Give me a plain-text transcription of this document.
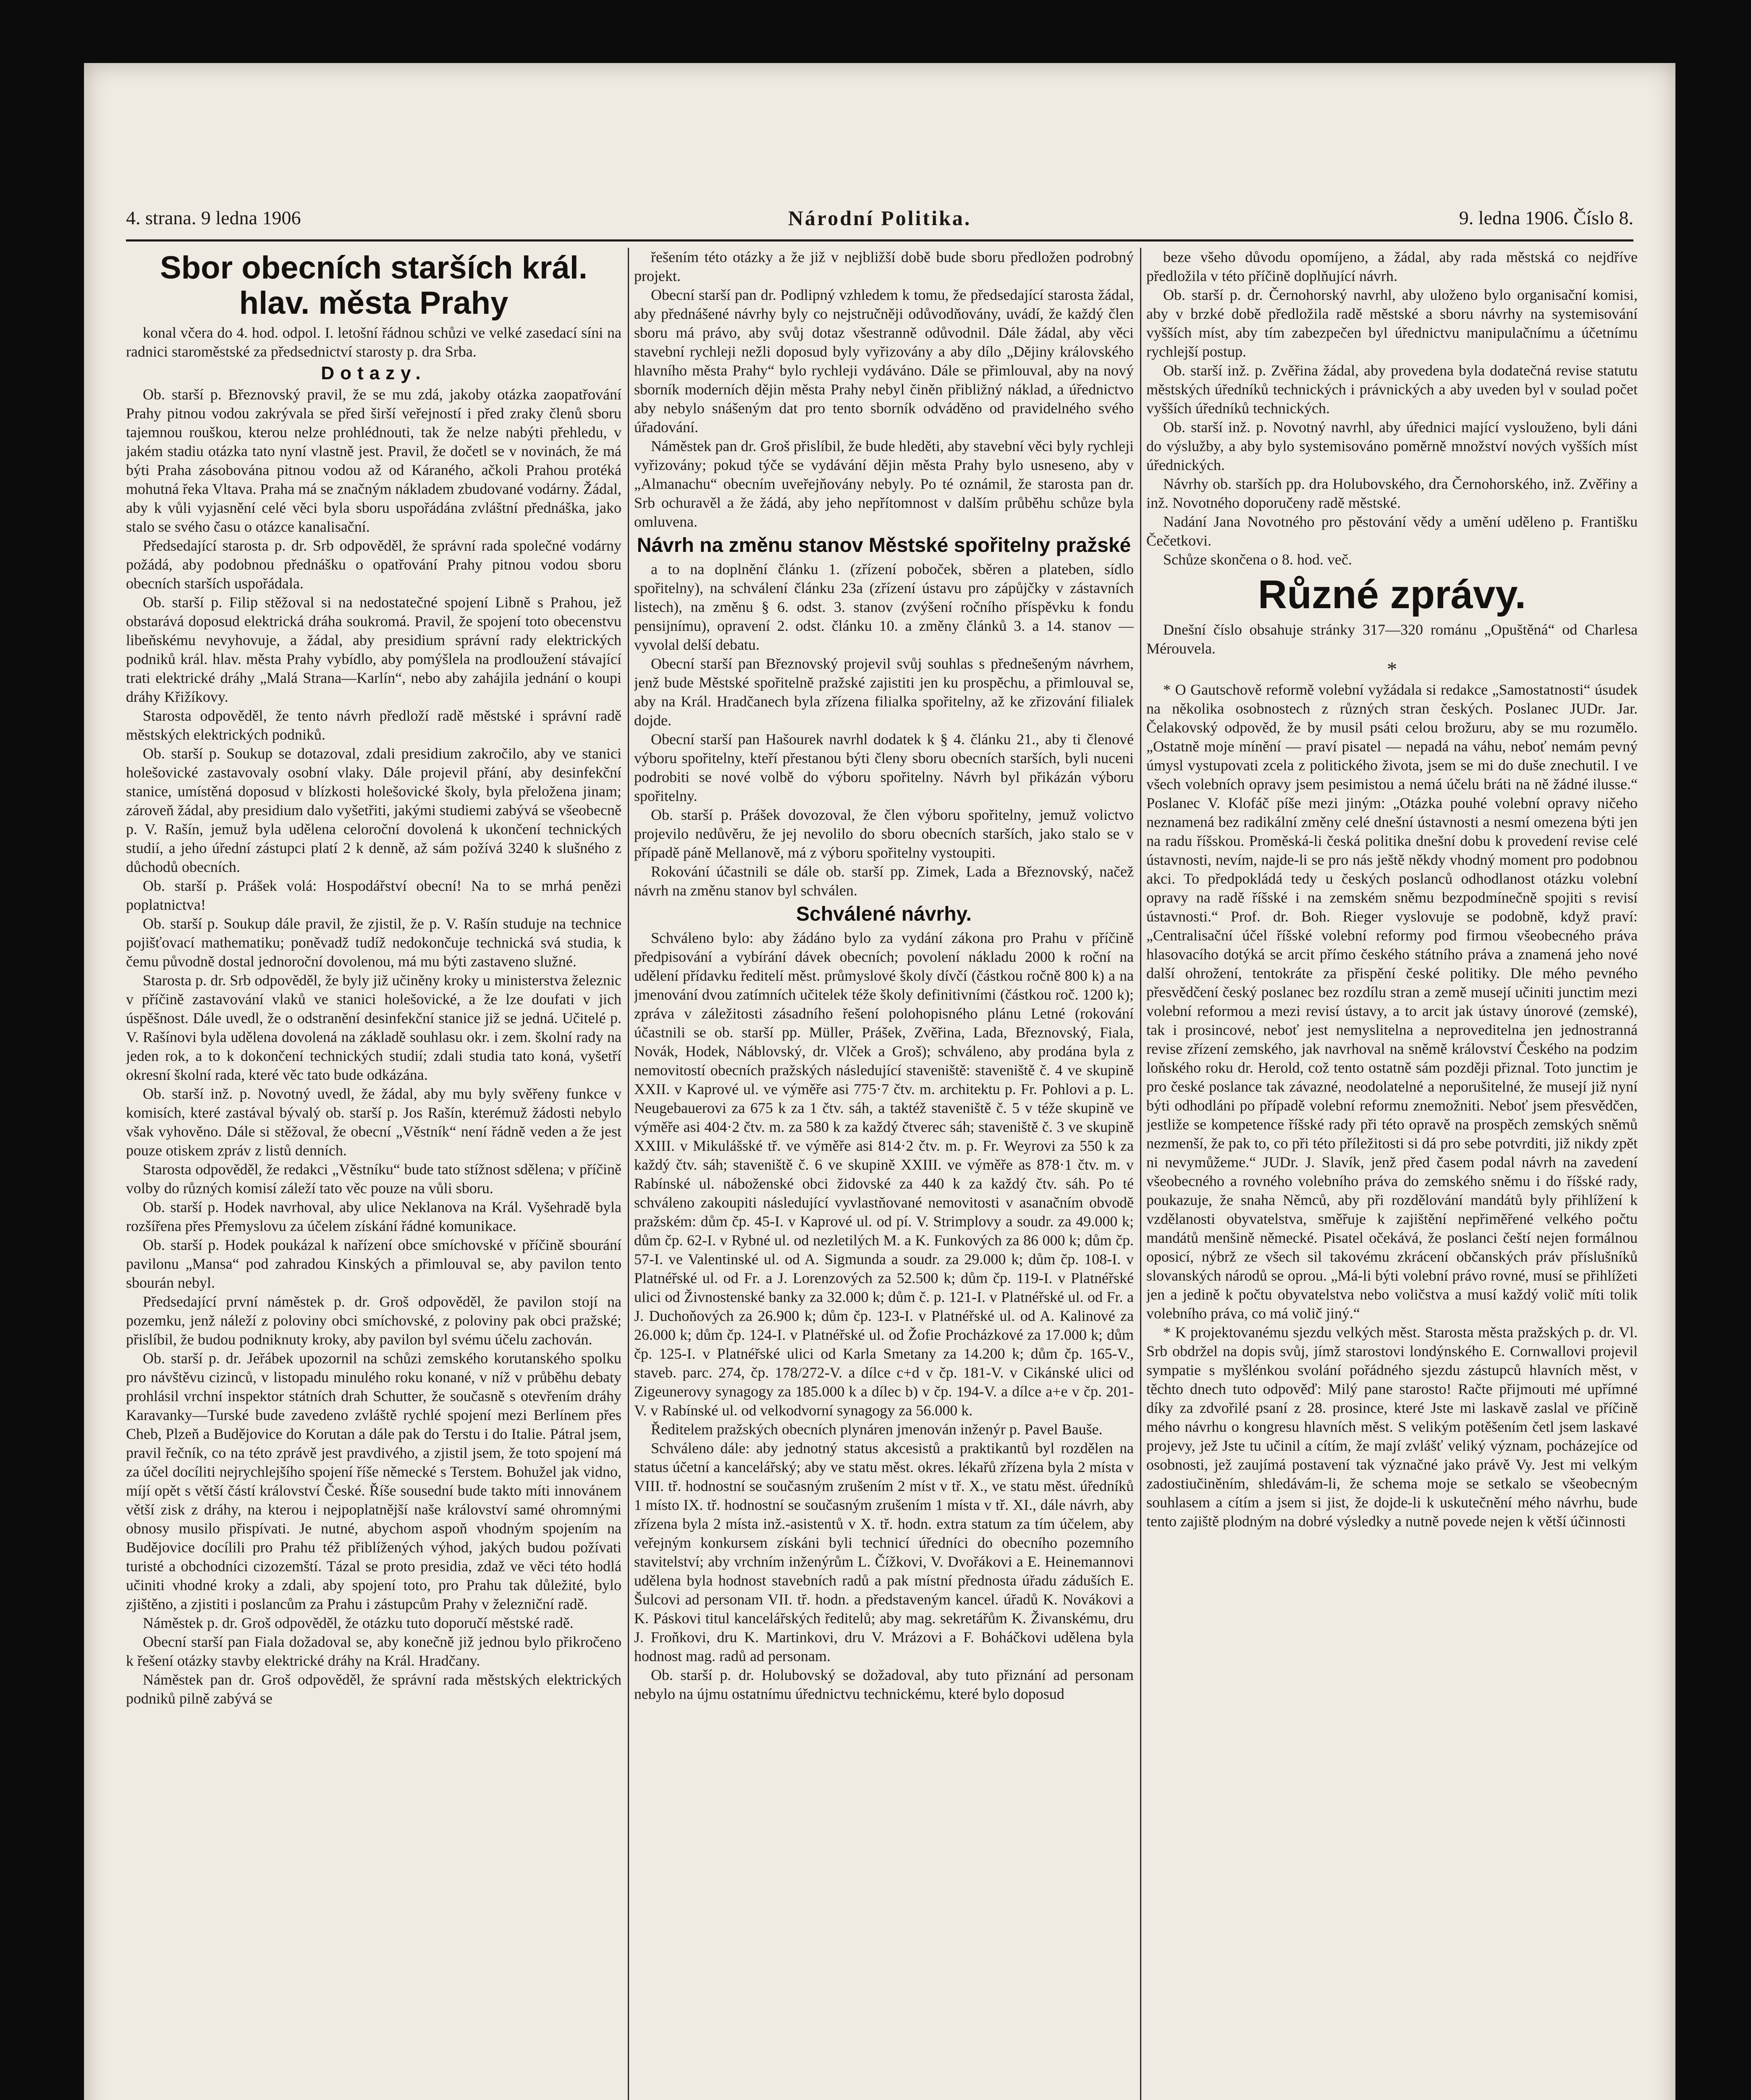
4. strana. 9 ledna 1906	Národní Politika.	9. ledna 1906. Číslo 8.
Sbor obecních starších král. hlav. města Prahy

konal včera do 4. hod. odpol. I. letošní řádnou schůzi ve velké zasedací síni na radnici staroměstské za předsednictví starosty p. dra Srba.

Dotazy.

Ob. starší p. Březnovský pravil, že se mu zdá, jakoby otázka zaopatřování Prahy pitnou vodou zakrývala se před širší veřejností i před zraky členů sboru tajemnou rouškou, kterou nelze prohlédnouti, tak že nelze nabýti přehledu, v jakém stadiu otázka tato nyní vlastně jest. Pravil, že dočetl se v novinách, že má býti Praha zásobována pitnou vodou až od Káraného, ačkoli Prahou protéká mohutná řeka Vltava. Praha má se značným nákladem zbudované vodárny. Žádal, aby k vůli vyjasnění celé věci byla sboru uspořádána zvláštní přednáška, jako stalo se svého času o otázce kanalisační.

Předsedající starosta p. dr. Srb odpověděl, že správní rada společné vodárny požádá, aby podobnou přednášku o opatřování Prahy pitnou vodou sboru obecních starších uspořádala.

Ob. starší p. Filip stěžoval si na nedostatečné spojení Libně s Prahou, jež obstarává doposud elektrická dráha soukromá. Pravil, že spojení toto obecenstvu libeňskému nevyhovuje, a žádal, aby presidium správní rady elektrických podniků král. hlav. města Prahy vybídlo, aby pomýšlela na prodloužení stávající trati elektrické dráhy „Malá Strana—Karlín“, nebo aby zahájila jednání o koupi dráhy Křižíkovy.

Starosta odpověděl, že tento návrh předloží radě městské i správní radě městských elektrických podniků.

Ob. starší p. Soukup se dotazoval, zdali presidium zakročilo, aby ve stanici holešovické zastavovaly osobní vlaky. Dále projevil přání, aby desinfekční stanice, umístěná doposud v blízkosti holešovické školy, byla přeložena jinam; zároveň žádal, aby presidium dalo vyšetřiti, jakými studiemi zabývá se všeobecně p. V. Rašín, jemuž byla udělena celoroční dovolená k ukončení technických studií, a jeho úřední zástupci platí 2 k denně, až sám požívá 3240 k slušného z důchodů obecních.

Ob. starší p. Prášek volá: Hospodářství obecní! Na to se mrhá penězi poplatnictva!

Ob. starší p. Soukup dále pravil, že zjistil, že p. V. Rašín studuje na technice pojišťovací mathematiku; poněvadž tudíž nedokončuje technická svá studia, k čemu původně dostal jednoroční dovolenou, má mu býti zastaveno služné.

Starosta p. dr. Srb odpověděl, že byly již učiněny kroky u ministerstva železnic v příčině zastavování vlaků ve stanici holešovické, a že lze doufati v jich úspěšnost. Dále uvedl, že o odstranění desinfekční stanice již se jedná. Učitelé p. V. Rašínovi byla udělena dovolená na základě souhlasu okr. i zem. školní rady na jeden rok, a to k dokončení technických studií; zdali studia tato koná, vyšetří okresní školní rada, které věc tato bude odkázána.

Ob. starší inž. p. Novotný uvedl, že žádal, aby mu byly svěřeny funkce v komisích, které zastával bývalý ob. starší p. Jos Rašín, kterémuž žádosti nebylo však vyhověno. Dále si stěžoval, že obecní „Věstník“ není řádně veden a že jest pouze otiskem zpráv z listů denních.

Starosta odpověděl, že redakci „Věstníku“ bude tato stížnost sdělena; v příčině volby do různých komisí záleží tato věc pouze na vůli sboru.

Ob. starší p. Hodek navrhoval, aby ulice Neklanova na Král. Vyšehradě byla rozšířena přes Přemyslovu za účelem získání řádné komunikace.

Ob. starší p. Hodek poukázal k nařízení obce smíchovské v příčině sbourání pavilonu „Mansa“ pod zahradou Kinských a přimlouval se, aby pavilon tento sbourán nebyl.

Předsedající první náměstek p. dr. Groš odpověděl, že pavilon stojí na pozemku, jenž náleží z poloviny obci smíchovské, z poloviny pak obci pražské; přislíbil, že budou podniknuty kroky, aby pavilon byl svému účelu zachován.

Ob. starší p. dr. Jeřábek upozornil na schůzi zemského korutanského spolku pro návštěvu cizinců, v listopadu minulého roku konané, v níž v průběhu debaty prohlásil vrchní inspektor státních drah Schutter, že současně s otevřením dráhy Karavanky—Turské bude zavedeno zvláště rychlé spojení mezi Berlínem přes Cheb, Plzeň a Budějovice do Korutan a dále pak do Terstu i do Italie. Pátral jsem, pravil řečník, co na této zprávě jest pravdivého, a zjistil jsem, že toto spojení má za účel docíliti nejrychlejšího spojení říše německé s Terstem. Bohužel jak vidno, míjí opět s větší částí království České. Říše sousední bude takto míti innovánem větší zisk z dráhy, na kterou i nejpoplatnější naše království samé ohromnými obnosy musilo přispívati. Je nutné, abychom aspoň vhodným spojením na Budějovice docílili pro Prahu též přiblížených výhod, jakých budou požívati turisté a obchodníci cizozemští. Tázal se proto presidia, zdaž ve věci této hodlá učiniti vhodné kroky a zdali, aby spojení toto, pro Prahu tak důležité, bylo zjištěno, a zjistiti i poslancům za Prahu i zástupcům Prahy v železniční radě.

Náměstek p. dr. Groš odpověděl, že otázku tuto doporučí městské radě.

Obecní starší pan Fiala dožadoval se, aby konečně již jednou bylo přikročeno k řešení otázky stavby elektrické dráhy na Král. Hradčany.

Náměstek pan dr. Groš odpověděl, že správní rada městských elektrických podniků pilně zabývá se

řešením této otázky a že již v nejbližší době bude sboru předložen podrobný projekt.

Obecní starší pan dr. Podlipný vzhledem k tomu, že předsedající starosta žádal, aby přednášené návrhy byly co nejstručněji odůvodňovány, uvádí, že každý člen sboru má právo, aby svůj dotaz všestranně odůvodnil. Dále žádal, aby věci stavební rychleji nežli doposud byly vyřizovány a aby dílo „Dějiny královského hlavního města Prahy“ bylo rychleji vydáváno. Dále se přimlouval, aby na nový sborník moderních dějin města Prahy nebyl činěn přibližný náklad, a úřednictvo aby nebylo snášeným dat pro tento sborník odváděno od pravidelného svého úřadování.

Náměstek pan dr. Groš přislíbil, že bude hleděti, aby stavební věci byly rychleji vyřizovány; pokud týče se vydávání dějin města Prahy bylo usneseno, aby v „Almanachu“ obecním uveřejňovány nebyly. Po té oznámil, že starosta pan dr. Srb ochuravěl a že žádá, aby jeho nepřítomnost v dalším průběhu schůze byla omluvena.

Návrh na změnu stanov Městské spořitelny pražské

a to na doplnění článku 1. (zřízení poboček, sběren a plateben, sídlo spořitelny), na schválení článku 23a (zřízení ústavu pro zápůjčky v zástavních listech), na změnu § 6. odst. 3. stanov (zvýšení ročního příspěvku k fondu pensijnímu), opravení 2. odst. článku 10. a změny článků 3. a 14. stanov — vyvolal delší debatu.

Obecní starší pan Březnovský projevil svůj souhlas s přednešeným návrhem, jenž bude Městské spořitelně pražské zajistiti jen ku prospěchu, a přimlouval se, aby na Král. Hradčanech byla zřízena filialka spořitelny, až ke zřizování filialek dojde.

Obecní starší pan Hašourek navrhl dodatek k § 4. článku 21., aby ti členové výboru spořitelny, kteří přestanou býti členy sboru obecních starších, byli nuceni podrobiti se nové volbě do výboru spořitelny. Návrh byl přikázán výboru spořitelny.

Ob. starší p. Prášek dovozoval, že člen výboru spořitelny, jemuž volictvo projevilo nedůvěru, že jej nevolilo do sboru obecních starších, jako stalo se v případě páně Mellanově, má z výboru spořitelny vystoupiti.

Rokování účastnili se dále ob. starší pp. Zimek, Lada a Březnovský, načež návrh na změnu stanov byl schválen.

Schválené návrhy.

Schváleno bylo: aby žádáno bylo za vydání zákona pro Prahu v příčině předpisování a vybírání dávek obecních; povolení nákladu 2000 k roční na udělení přídavku ředitelí měst. průmyslové školy dívčí (částkou ročně 800 k) a na jmenování dvou zatímních učitelek téže školy definitivními (částkou roč. 1200 k); zpráva v záležitosti zásadního řešení polohopisného plánu Letné (rokování účastnili se ob. starší pp. Müller, Prášek, Zvěřina, Lada, Březnovský, Fiala, Novák, Hodek, Náblovský, dr. Vlček a Groš); schváleno, aby prodána byla z nemovitostí obecních pražských následující staveniště: staveniště č. 4 ve skupině XXII. v Kaprové ul. ve výměře asi 775·7 čtv. m. architektu p. Fr. Pohlovi a p. L. Neugebauerovi za 675 k za 1 čtv. sáh, a taktéž staveniště č. 5 v téže skupině ve výměře asi 404·2 čtv. m. za 580 k za každý čtverec sáh; staveniště č. 3 ve skupině XXIII. v Mikulášské tř. ve výměře asi 814·2 čtv. m. p. Fr. Weyrovi za 550 k za každý čtv. sáh; staveniště č. 6 ve skupině XXIII. ve výměře as 878·1 čtv. m. v Rabínské ul. náboženské obci židovské za 440 k za každý čtv. sáh. Po té schváleno zakoupiti následující vyvlastňované nemovitosti v asanačním obvodě pražském: dům čp. 45-I. v Kaprové ul. od pí. V. Strimplovy a soudr. za 49.000 k; dům čp. 62-I. v Rybné ul. od nezletilých M. a K. Funkových za 86 000 k; dům čp. 57-I. ve Valentinské ul. od A. Sigmunda a soudr. za 29.000 k; dům čp. 108-I. v Platnéřské ul. od Fr. a J. Lorenzových za 52.500 k; dům čp. 119-I. v Platnéřské ulici od Živnostenské banky za 32.000 k; dům č. p. 121-I. v Platnéřské ul. od Fr. a J. Duchoňových za 26.900 k; dům čp. 123-I. v Platnéřské ul. od A. Kalinové za 26.000 k; dům čp. 124-I. v Platnéřské ul. od Žofie Procházkové za 17.000 k; dům čp. 125-I. v Platnéřské ulici od Karla Smetany za 14.200 k; dům čp. 165-V., staveb. parc. 274, čp. 178/272-V. a dílce c+d v čp. 181-V. v Cikánské ulici od Zigeunerovy synagogy za 185.000 k a dílec b) v čp. 194-V. a dílce a+e v čp. 201-V. v Rabínské ul. od velkodvorní synagogy za 56.000 k.

Ředitelem pražských obecních plynáren jmenován inženýr p. Pavel Bauše.

Schváleno dále: aby jednotný status akcesistů a praktikantů byl rozdělen na status účetní a kancelářský; aby ve statu měst. okres. lékařů zřízena byla 2 místa v VIII. tř. hodnostní se současným zrušením 2 míst v tř. X., ve statu měst. úředníků 1 místo IX. tř. hodnostní se současným zrušením 1 místa v tř. XI., dále návrh, aby zřízena byla 2 místa inž.-asistentů v X. tř. hodn. extra statum za tím účelem, aby veřejným konkursem získáni byli technicí úředníci do obecního pozemního stavitelství; aby vrchním inženýrům L. Čížkovi, V. Dvořákovi a E. Heinemannovi udělena byla hodnost stavebních radů a pak místní přednosta úřadu záduších E. Šulcovi ad personam VII. tř. hodn. a představeným kancel. úřadů K. Novákovi a K. Páskovi titul kancelářských ředitelů; aby mag. sekretářům K. Živanskému, dru J. Froňkovi, dru K. Martinkovi, dru V. Mrázovi a F. Boháčkovi udělena byla hodnost mag. radů ad personam.

Ob. starší p. dr. Holubovský se dožadoval, aby tuto přiznání ad personam nebylo na újmu ostatnímu úřednictvu technickému, které bylo doposud

beze všeho důvodu opomíjeno, a žádal, aby rada městská co nejdříve předložila v této příčině doplňující návrh.

Ob. starší p. dr. Černohorský navrhl, aby uloženo bylo organisační komisi, aby v brzké době předložila radě městské a sboru návrhy na systemisování vyšších míst, aby tím zabezpečen byl úřednictvu manipulačnímu a účetnímu rychlejší postup.

Ob. starší inž. p. Zvěřina žádal, aby provedena byla dodatečná revise statutu městských úředníků technických i právnických a aby uveden byl v soulad počet vyšších úředníků technických.

Ob. starší inž. p. Novotný navrhl, aby úřednici mající vyslouženo, byli dáni do výslužby, a aby bylo systemisováno poměrně množství nových vyšších míst úřednických.

Návrhy ob. starších pp. dra Holubovského, dra Černohorského, inž. Zvěřiny a inž. Novotného doporučeny radě městské.

Nadání Jana Novotného pro pěstování vědy a umění uděleno p. Františku Čečetkovi.

Schůze skončena o 8. hod. več.

Různé zprávy.

Dnešní číslo obsahuje stránky 317—320 románu „Opuštěná“ od Charlesa Mérouvela.

*

* O Gautschově reformě volební vyžádala si redakce „Samostatnosti“ úsudek na několika osobnostech z různých stran českých. Poslanec JUDr. Jar. Čelakovský odpověd, že by musil psáti celou brožuru, aby se mu rozumělo. „Ostatně moje mínění — praví pisatel — nepadá na váhu, neboť nemám pevný úmysl vystupovati zcela z politického života, jsem se mi do duše znechutil. I ve všech volebních opravy jsem pesimistou a nemá účelu bráti na ně žádné ilusse.“ Poslanec V. Klofáč píše mezi jiným: „Otázka pouhé volební opravy ničeho neznamená bez radikální změny celé dnešní ústavnosti a nesmí omezena býti jen na radu říšskou. Proměská-li česká politika dnešní dobu k provedení revise celé ústavnosti, nevím, najde-li se pro nás ještě někdy vhodný moment pro podobnou akci. To předpokládá tedy u českých poslanců odhodlanost otázku volební opravy na radě říšské i na zemském sněmu bezpodmínečně spojiti s revisí ústavnosti.“ Prof. dr. Boh. Rieger vyslovuje se podobně, když praví: „Centralisační účel říšské volební reformy pod firmou všeobecného práva hlasovacího dotýká se arcit přímo českého státního práva a znamená jeho nové další ohrožení, tentokráte za přispění české politiky. Dle mého pevného přesvědčení český poslanec bez rozdílu stran a země musejí učiniti junctim mezi volební reformou a mezi revisí ústavy, a to arcit jak ústavy únorové (zemské), tak i prosincové, neboť jest nemyslitelna a neproveditelna jen jednostranná revise zřízení zemského, jak navrhoval na sněmě království Českého na podzim loňského roku dr. Herold, což tento ostatně sám později přiznal. Toto junctim je pro české poslance tak závazné, neodolatelné a neporušitelné, že musejí již nyní býti odhodláni po případě volební reformu znemožniti. Neboť jsem přesvědčen, jestliže se kompetence říšské rady při této opravě na prospěch zemských sněmů nezmenší, že pak to, co při této příležitosti si dá pro sebe potvrditi, již nikdy zpět ni nevymůžeme.“ JUDr. J. Slavík, jenž před časem podal návrh na zavedení všeobecného a rovného volebního práva do zemského sněmu i do říšské rady, poukazuje, že snaha Němců, aby při rozdělování mandátů byly přihlížení k vzdělanosti obyvatelstva, směřuje k zajištění nepřiměřené velkého počtu mandátů menšině německé. Pisatel očekává, že poslanci čeští nejen formálnou oposicí, nýbrž ze všech sil takovému zkrácení občanských práv příslušníků slovanských národů se oprou. „Má-li býti volební právo rovné, musí se přihlížeti jen a jedině k počtu obyvatelstva nebo voličstva a musí každý volič míti tolik volebního práva, co má volič jiný.“

* K projektovanému sjezdu velkých měst. Starosta města pražských p. dr. Vl. Srb obdržel na dopis svůj, jímž starostovi londýnského E. Cornwallovi projevil sympatie s myšlénkou svolání pořádného sjezdu zástupců hlavních měst, v těchto dnech tuto odpověď: Milý pane starosto! Račte přijmouti mé upřímné díky za zdvořilé psaní z 28. prosince, které Jste mi laskavě zaslal ve příčině mého návrhu o kongresu hlavních měst. S velikým potěšením četl jsem laskavé projevy, jež Jste tu učinil a cítím, že mají zvlášť veliký význam, pocházejíce od osobnosti, jež zaujímá postavení tak význačné jako právě Vy. Jest mi velkým zadostiučiněním, shledávám-li, že schema moje se setkalo se všeobecným souhlasem a cítím a jsem si jist, že dojde-li k uskutečnění mého návrhu, bude tento zajiště plodným na dobré výsledky a nutně povede nejen k větší účinnosti
